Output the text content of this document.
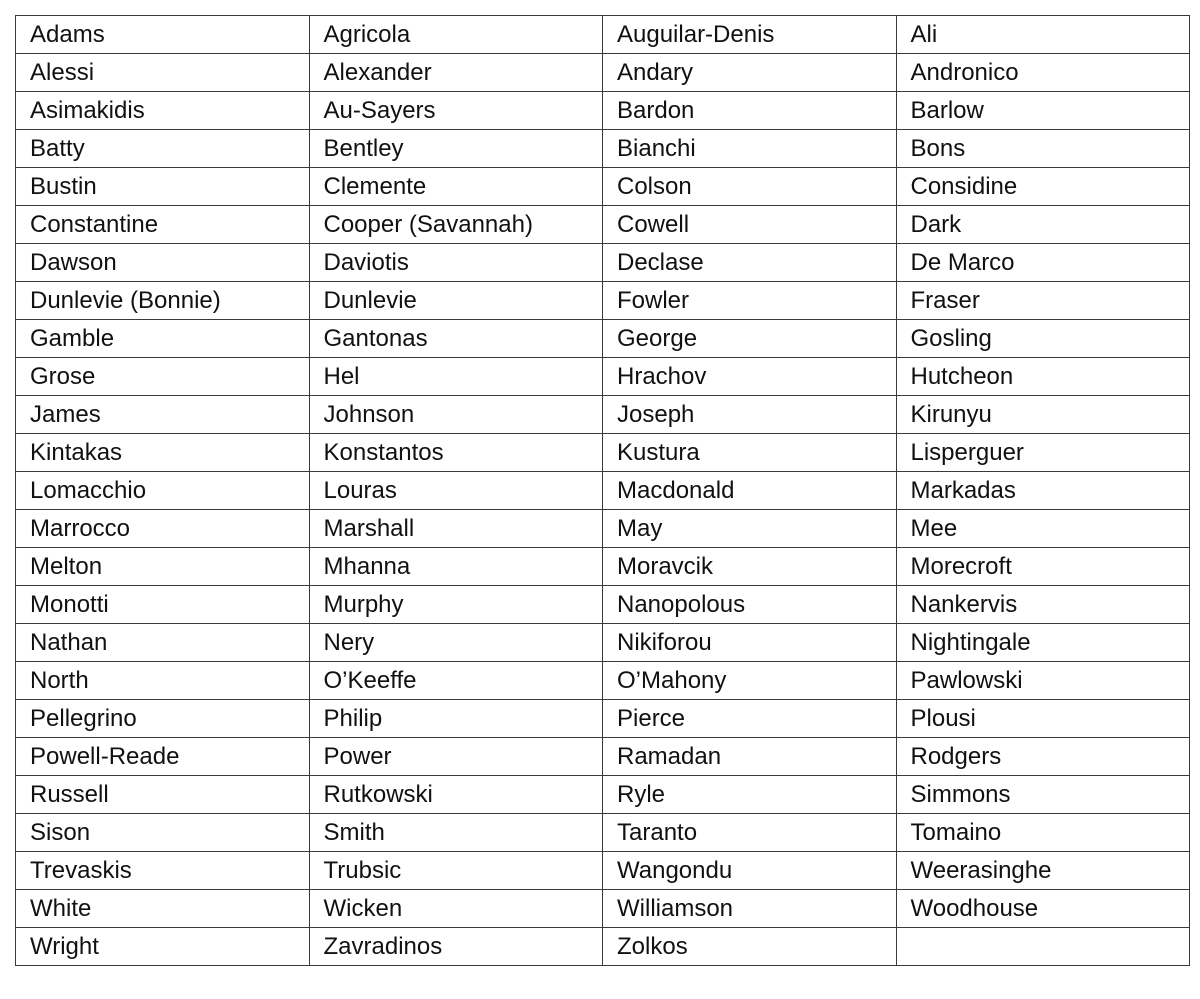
Adams	Agricola	Auguilar-Denis	Ali
Alessi	Alexander	Andary	Andronico
Asimakidis	Au-Sayers	Bardon	Barlow
Batty	Bentley	Bianchi	Bons
Bustin	Clemente	Colson	Considine
Constantine	Cooper (Savannah)	Cowell	Dark
Dawson	Daviotis	Declase	De Marco
Dunlevie (Bonnie)	Dunlevie	Fowler	Fraser
Gamble	Gantonas	George	Gosling
Grose	Hel	Hrachov	Hutcheon
James	Johnson	Joseph	Kirunyu
Kintakas	Konstantos	Kustura	Lisperguer
Lomacchio	Louras	Macdonald	Markadas
Marrocco	Marshall	May	Mee
Melton	Mhanna	Moravcik	Morecroft
Monotti	Murphy	Nanopolous	Nankervis
Nathan	Nery	Nikiforou	Nightingale
North	O’Keeffe	O’Mahony	Pawlowski
Pellegrino	Philip	Pierce	Plousi
Powell-Reade	Power	Ramadan	Rodgers
Russell	Rutkowski	Ryle	Simmons
Sison	Smith	Taranto	Tomaino
Trevaskis	Trubsic	Wangondu	Weerasinghe
White	Wicken	Williamson	Woodhouse
Wright	Zavradinos	Zolkos	
